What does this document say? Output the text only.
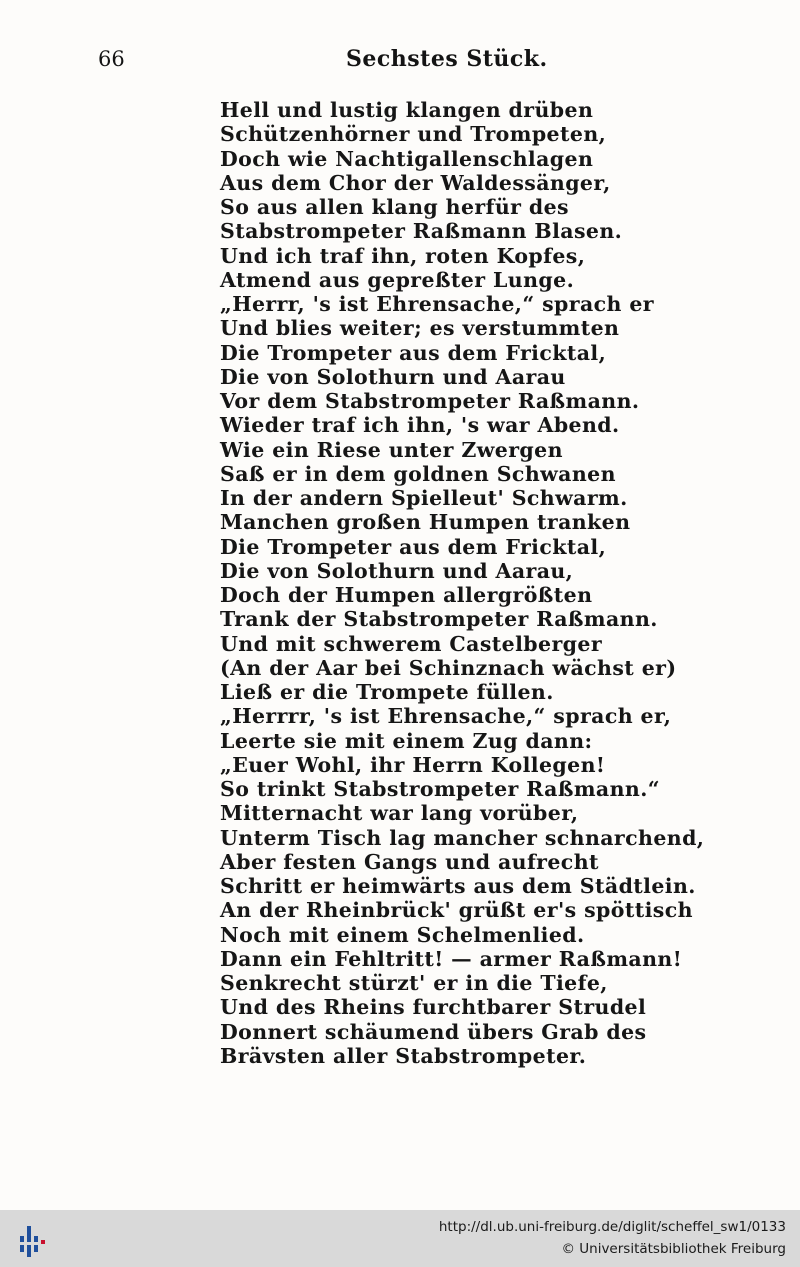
66	Sechstes Stück.
Hell und lustig klangen drüben
Schützenhörner und Trompeten,
Doch wie Nachtigallenschlagen
Aus dem Chor der Waldessänger,
So aus allen klang herfür des
Stabstrompeter Raßmann Blasen.
Und ich traf ihn, roten Kopfes,
Atmend aus gepreßter Lunge.
„Herrr, 's ist Ehrensache,“ sprach er
Und blies weiter; es verstummten
Die Trompeter aus dem Fricktal,
Die von Solothurn und Aarau
Vor dem Stabstrompeter Raßmann.
Wieder traf ich ihn, 's war Abend.
Wie ein Riese unter Zwergen
Saß er in dem goldnen Schwanen
In der andern Spielleut' Schwarm.
Manchen großen Humpen tranken
Die Trompeter aus dem Fricktal,
Die von Solothurn und Aarau,
Doch der Humpen allergrößten
Trank der Stabstrompeter Raßmann.
Und mit schwerem Castelberger
(An der Aar bei Schinznach wächst er)
Ließ er die Trompete füllen.
„Herrrr, 's ist Ehrensache,“ sprach er,
Leerte sie mit einem Zug dann:
„Euer Wohl, ihr Herrn Kollegen!
So trinkt Stabstrompeter Raßmann.“
Mitternacht war lang vorüber,
Unterm Tisch lag mancher schnarchend,
Aber festen Gangs und aufrecht
Schritt er heimwärts aus dem Städtlein.
An der Rheinbrück' grüßt er's spöttisch
Noch mit einem Schelmenlied.
Dann ein Fehltritt! — armer Raßmann!
Senkrecht stürzt' er in die Tiefe,
Und des Rheins furchtbarer Strudel
Donnert schäumend übers Grab des
Brävsten aller Stabstrompeter.
http://dl.ub.uni-freiburg.de/diglit/scheffel_sw1/0133
© Universitätsbibliothek Freiburg
